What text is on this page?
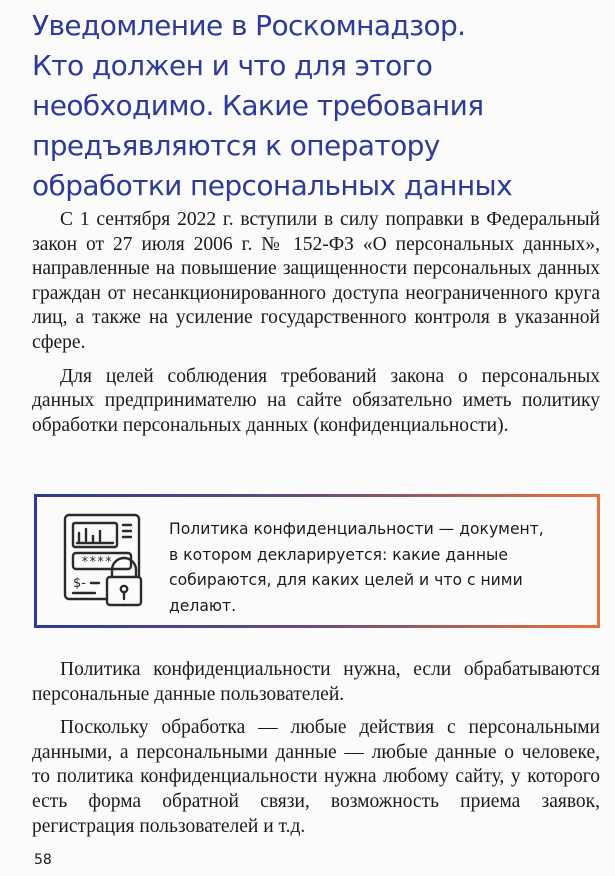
Уведомление в Роскомнадзор.
Кто должен и что для этого
необходимо. Какие требования
предъявляются к оператору
обработки персональных данных

С 1 сентября 2022 г. вступили в силу поправки в Федеральный закон от 27 июля 2006 г. № 152-ФЗ «О персональных данных», направленные на повышение защищенности персональных данных граждан от несанкционированного доступа неограниченного круга лиц, а также на усиление государственного контроля в указанной сфере.

Для целей соблюдения требований закона о персональных данных предпринимателю на сайте обязательно иметь политику обработки персональных данных (конфиденциальности).

****
$-
Политика конфиденциальности — документ,
в котором декларируется: какие данные
собираются, для каких целей и что с ними
делают.

Политика конфиденциальности нужна, если обрабатываются персональные данные пользователей.

Поскольку обработка — любые действия с персональными данными, а персональными данные — любые данные о человеке, то политика конфиденциальности нужна любому сайту, у которого есть форма обратной связи, возможность приема заявок, регистрация пользователей и т.д.

58
